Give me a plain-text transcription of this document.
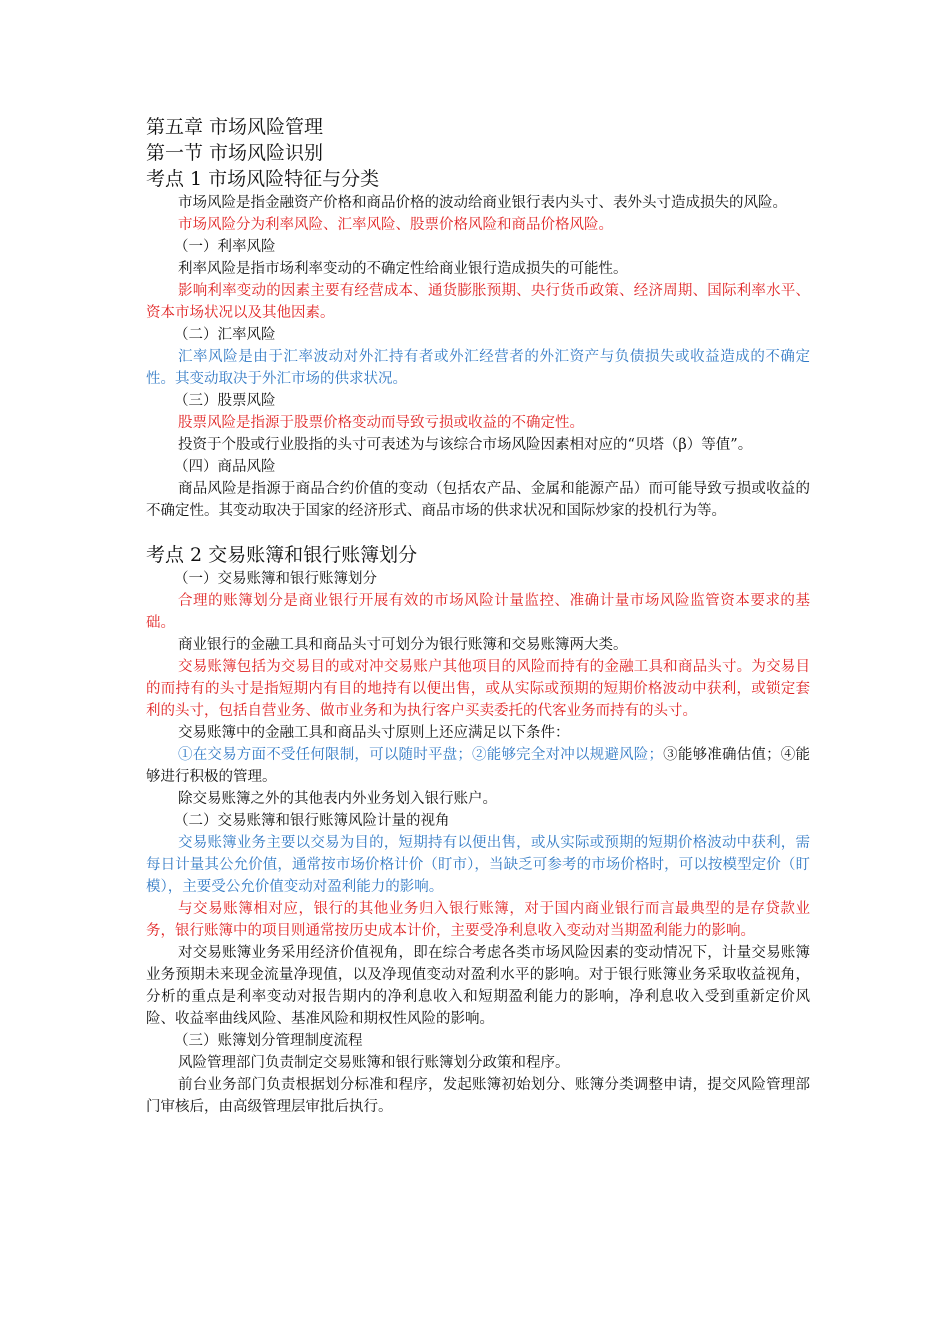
第五章 市场风险管理
第一节 市场风险识别
考点 1 市场风险特征与分类

市场风险是指金融资产价格和商品价格的波动给商业银行表内头寸、表外头寸造成损失的风险。

市场风险分为利率风险、汇率风险、股票价格风险和商品价格风险。

（一）利率风险

利率风险是指市场利率变动的不确定性给商业银行造成损失的可能性。

影响利率变动的因素主要有经营成本、通货膨胀预期、央行货币政策、经济周期、国际利率水平、资本市场状况以及其他因素。

（二）汇率风险

汇率风险是由于汇率波动对外汇持有者或外汇经营者的外汇资产与负债损失或收益造成的不确定性。其变动取决于外汇市场的供求状况。

（三）股票风险

股票风险是指源于股票价格变动而导致亏损或收益的不确定性。

投资于个股或行业股指的头寸可表述为与该综合市场风险因素相对应的“贝塔（β）等值”。

（四）商品风险

商品风险是指源于商品合约价值的变动（包括农产品、金属和能源产品）而可能导致亏损或收益的不确定性。其变动取决于国家的经济形式、商品市场的供求状况和国际炒家的投机行为等。

考点 2 交易账簿和银行账簿划分

（一）交易账簿和银行账簿划分

合理的账簿划分是商业银行开展有效的市场风险计量监控、准确计量市场风险监管资本要求的基础。

商业银行的金融工具和商品头寸可划分为银行账簿和交易账簿两大类。

交易账簿包括为交易目的或对冲交易账户其他项目的风险而持有的金融工具和商品头寸。为交易目的而持有的头寸是指短期内有目的地持有以便出售，或从实际或预期的短期价格波动中获利，或锁定套利的头寸，包括自营业务、做市业务和为执行客户买卖委托的代客业务而持有的头寸。

交易账簿中的金融工具和商品头寸原则上还应满足以下条件：

①在交易方面不受任何限制，可以随时平盘；②能够完全对冲以规避风险；③能够准确估值；④能够进行积极的管理。

除交易账簿之外的其他表内外业务划入银行账户。

（二）交易账簿和银行账簿风险计量的视角

交易账簿业务主要以交易为目的，短期持有以便出售，或从实际或预期的短期价格波动中获利，需每日计量其公允价值，通常按市场价格计价（盯市），当缺乏可参考的市场价格时，可以按模型定价（盯模），主要受公允价值变动对盈利能力的影响。

与交易账簿相对应，银行的其他业务归入银行账簿，对于国内商业银行而言最典型的是存贷款业务，银行账簿中的项目则通常按历史成本计价，主要受净利息收入变动对当期盈利能力的影响。

对交易账簿业务采用经济价值视角，即在综合考虑各类市场风险因素的变动情况下，计量交易账簿业务预期未来现金流量净现值，以及净现值变动对盈利水平的影响。对于银行账簿业务采取收益视角，分析的重点是利率变动对报告期内的净利息收入和短期盈利能力的影响，净利息收入受到重新定价风险、收益率曲线风险、基准风险和期权性风险的影响。

（三）账簿划分管理制度流程

风险管理部门负责制定交易账簿和银行账簿划分政策和程序。

前台业务部门负责根据划分标准和程序，发起账簿初始划分、账簿分类调整申请，提交风险管理部门审核后，由高级管理层审批后执行。
